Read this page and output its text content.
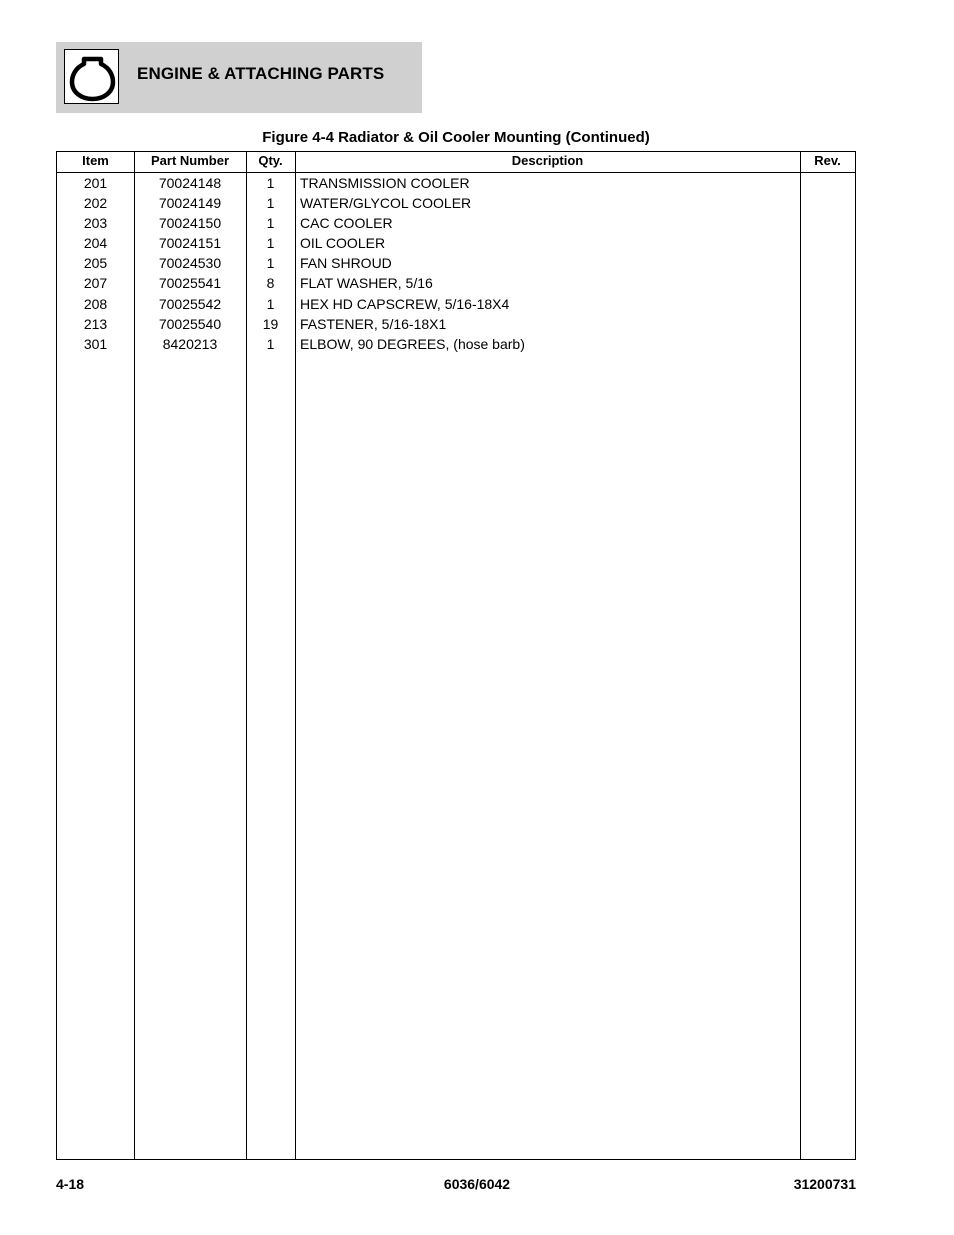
ENGINE & ATTACHING PARTS
Figure 4-4 Radiator & Oil Cooler Mounting (Continued)
Item	Part Number	Qty.	Description	Rev.
201	70024148	1	TRANSMISSION COOLER
202	70024149	1	WATER/GLYCOL COOLER
203	70024150	1	CAC COOLER
204	70024151	1	OIL COOLER
205	70024530	1	FAN SHROUD
207	70025541	8	FLAT WASHER, 5/16
208	70025542	1	HEX HD CAPSCREW, 5/16-18X4
213	70025540	19	FASTENER, 5/16-18X1
301	8420213	1	ELBOW, 90 DEGREES, (hose barb)
4-18	6036/6042	31200731
